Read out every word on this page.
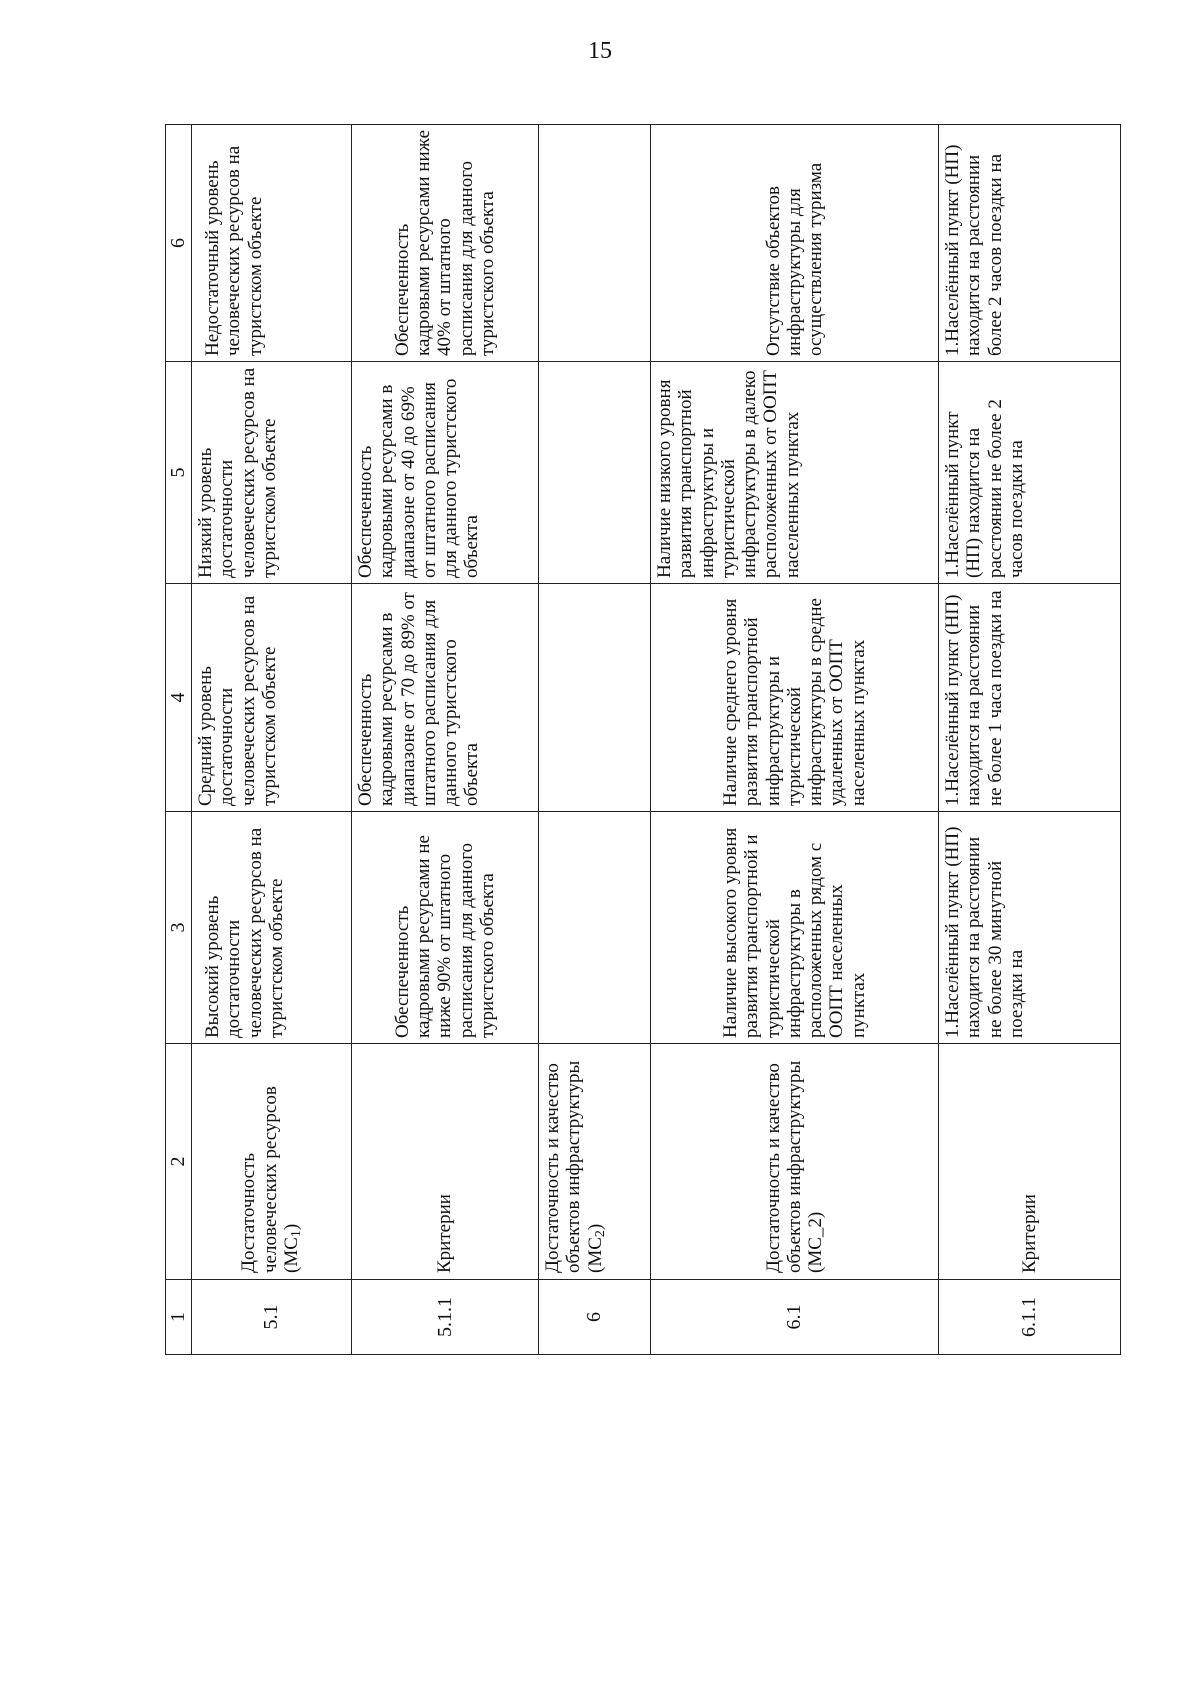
15
1	2	3	4	5	6
5.1	Достаточность человеческих ресурсов $(МС_1)$	Высокий уровень достаточности человеческих ресурсов на туристском объекте	Средний уровень достаточности человеческих ресурсов на туристском объекте	Низкий уровень достаточности человеческих ресурсов на туристском объекте	Недостаточный уровень человеческих ресурсов на туристском объекте
5.1.1	Критерии	Обеспеченность кадровыми ресурсами не ниже 90% от штатного расписания для данного туристского объекта	Обеспеченность кадровыми ресурсами в диапазоне от 70 до 89% от штатного расписания для данного туристского объекта	Обеспеченность кадровыми ресурсами в диапазоне от 40 до 69% от штатного расписания для данного туристского объекта	Обеспеченность кадровыми ресурсами ниже 40% от штатного расписания для данного туристского объекта
6	Достаточность и качество объектов инфраструктуры $(МС_2)$				
6.1	Достаточность и качество объектов инфраструктуры (МС_2)	Наличие высокого уровня развития транспортной и туристической инфраструктуры в расположенных рядом с ООПТ населенных пунктах	Наличие среднего уровня развития транспортной инфраструктуры и туристической инфраструктуры в средне удаленных от ООПТ населенных пунктах	Наличие низкого уровня развития транспортной инфраструктуры и туристической инфраструктуры в далеко расположенных от ООПТ населенных пунктах	Отсутствие объектов инфраструктуры для осуществления туризма
6.1.1	Критерии	1.Населённый пункт (НП) находится на расстоянии не более 30 минутной поездки на	1.Населённый пункт (НП) находится на расстоянии не более 1 часа поездки на	1.Населённый пункт (НП) находится на расстоянии не более 2 часов поездки на	1.Населённый пункт (НП) находится на расстоянии более 2 часов поездки на
